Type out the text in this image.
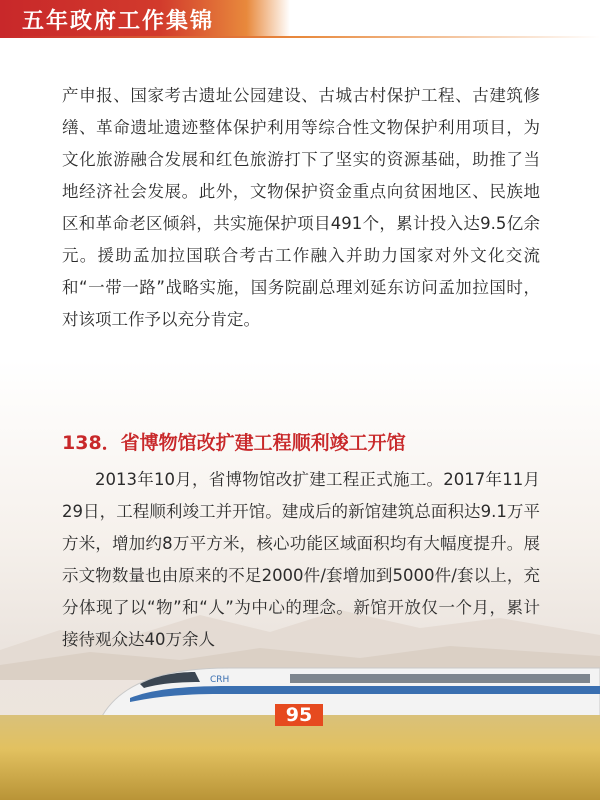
CRH
五年政府工作集锦
产申报、国家考古遗址公园建设、古城古村保护工程、古建筑修缮、革命遗址遗迹整体保护利用等综合性文物保护利用项目，为文化旅游融合发展和红色旅游打下了坚实的资源基础，助推了当地经济社会发展。此外，文物保护资金重点向贫困地区、民族地区和革命老区倾斜，共实施保护项目491个，累计投入达9.5亿余元。援助孟加拉国联合考古工作融入并助力国家对外文化交流和“一带一路”战略实施，国务院副总理刘延东访问孟加拉国时，对该项工作予以充分肯定。
138．省博物馆改扩建工程顺利竣工开馆
2013年10月，省博物馆改扩建工程正式施工。2017年11月29日，工程顺利竣工并开馆。建成后的新馆建筑总面积达9.1万平方米，增加约8万平方米，核心功能区域面积均有大幅度提升。展示文物数量也由原来的不足2000件/套增加到5000件/套以上，充分体现了以“物”和“人”为中心的理念。新馆开放仅一个月，累计接待观众达40万余人
95
